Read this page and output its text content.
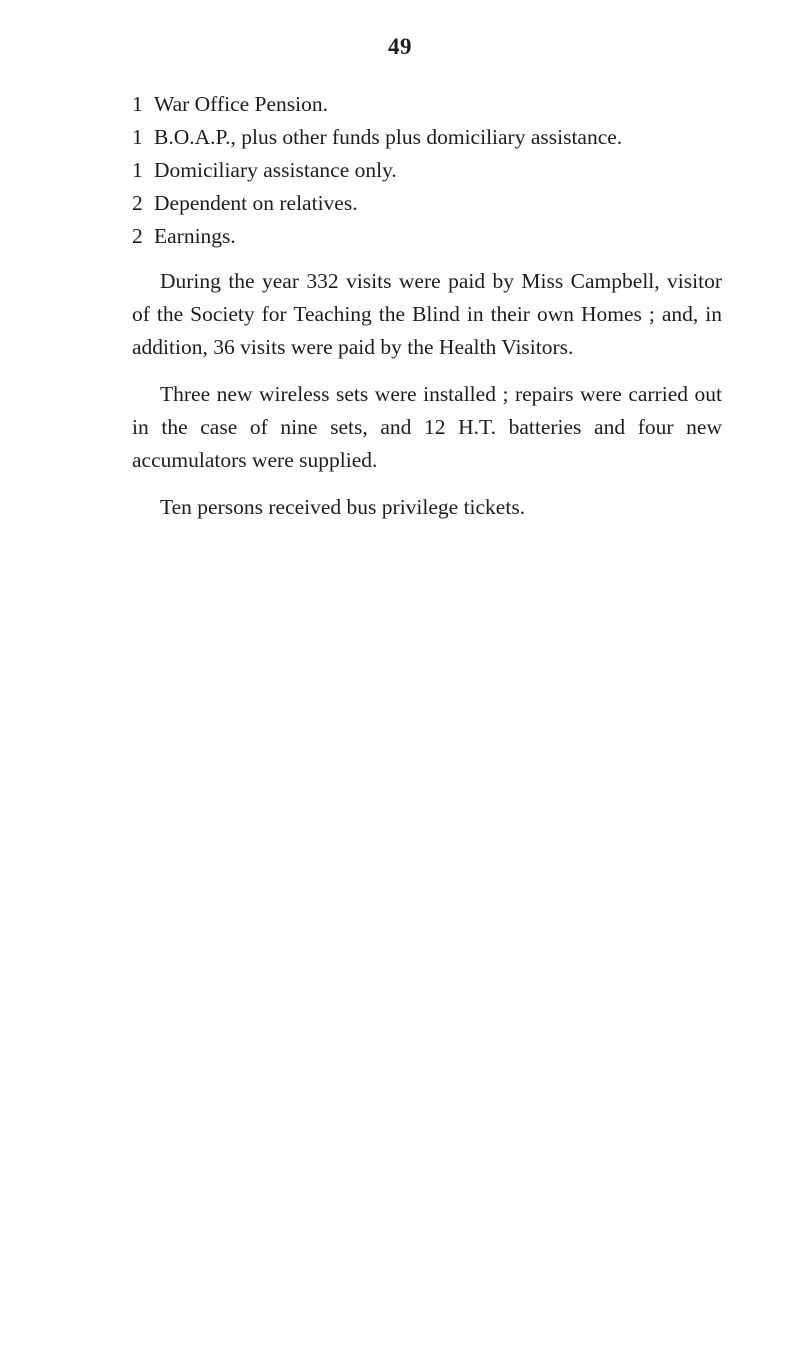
49
1 War Office Pension.
1 B.O.A.P., plus other funds plus domiciliary assistance.
1 Domiciliary assistance only.
2 Dependent on relatives.
2 Earnings.

During the year 332 visits were paid by Miss Campbell, visitor of the Society for Teaching the Blind in their own Homes ; and, in addition, 36 visits were paid by the Health Visitors.

Three new wireless sets were installed ; repairs were carried out in the case of nine sets, and 12 H.T. batteries and four new accumulators were supplied.

Ten persons received bus privilege tickets.
